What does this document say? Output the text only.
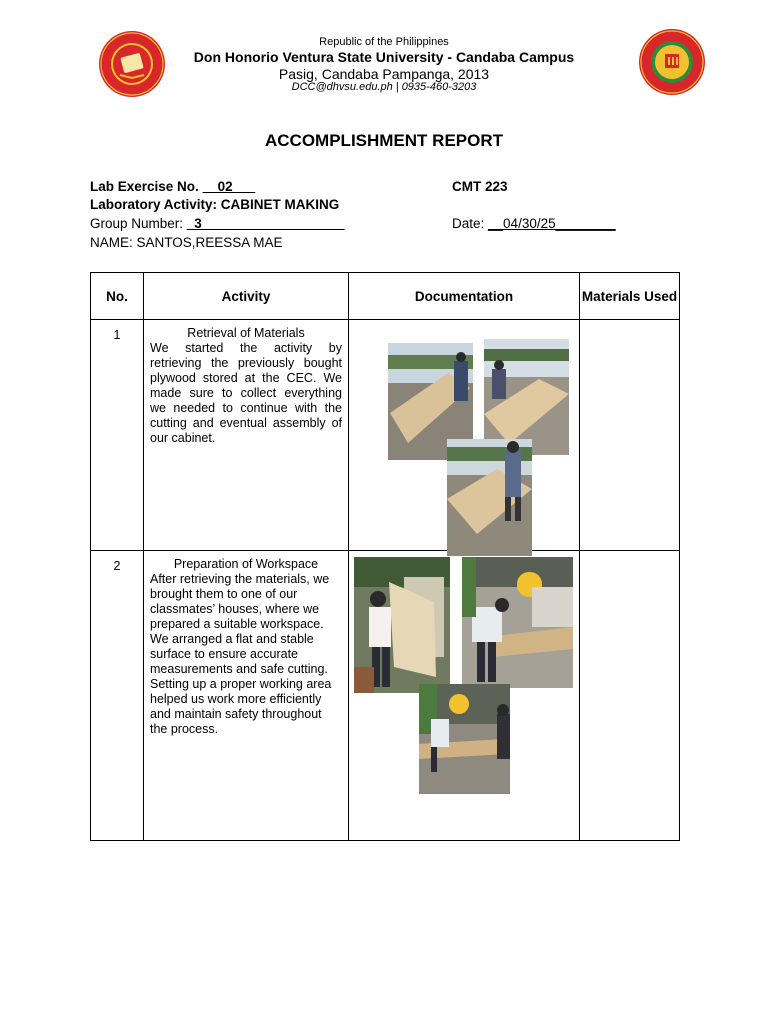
Republic of the Philippines
Don Honorio Ventura State University - Candaba Campus
Pasig, Candaba Pampanga, 2013
DCC@dhvsu.edu.ph | 0935-460-3203
ACCOMPLISHMENT REPORT
Lab Exercise No. __02___	CMT 223
Laboratory Activity: CABINET MAKING
Group Number: _3___________________	Date: __04/30/25________
NAME: SANTOS,REESSA MAE
No.	Activity	Documentation	Materials Used
1	Retrieval of Materials
We started the activity by retrieving the previously bought plywood stored at the CEC. We made sure to collect everything we needed to continue with the cutting and eventual assembly of our cabinet.

2	Preparation of Workspace
After retrieving the materials, we brought them to one of our classmates’ houses, where we prepared a suitable workspace. We arranged a flat and stable surface to ensure accurate measurements and safe cutting. Setting up a proper working area helped us work more efficiently and maintain safety throughout the process.
